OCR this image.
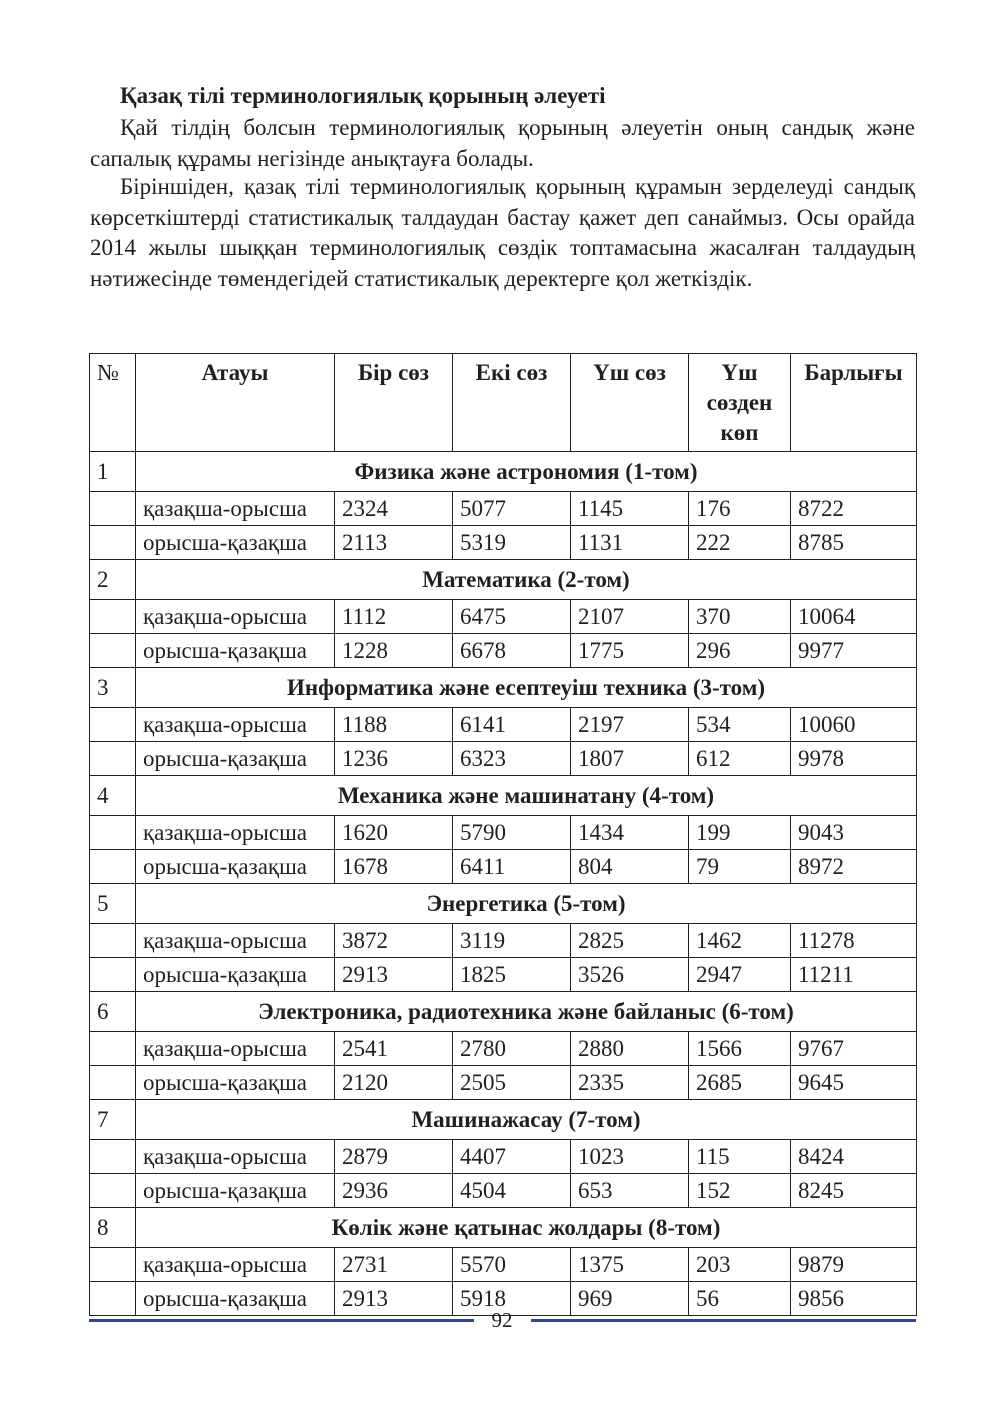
Қазақ тілі терминологиялық қорының әлеуеті

Қай тілдің болсын терминологиялық қорының әлеуетін оның сандық және сапалық құрамы негізінде анықтауға болады.

Біріншіден, қазақ тілі терминологиялық қорының құрамын зерделеуді сандық көрсеткіштерді статистикалық талдаудан бастау қажет деп санаймыз. Осы орайда 2014 жылы шыққан терминологиялық сөздік топтамасына жасалған талдаудың нәтижесінде төмендегідей статистикалық деректерге қол жеткіздік.

№	Атауы	Бір сөз	Екі сөз	Үш сөз	Үш сөзден көп	Барлығы
1	Физика және астрономия (1-том)					
	қазақша-орысша	2324	5077	1145	176	8722
	орысша-қазақша	2113	5319	1131	222	8785
2	Математика (2-том)					
	қазақша-орысша	1112	6475	2107	370	10064
	орысша-қазақша	1228	6678	1775	296	9977
3	Информатика және есептеуіш техника (3-том)					
	қазақша-орысша	1188	6141	2197	534	10060
	орысша-қазақша	1236	6323	1807	612	9978
4	Механика және машинатану (4-том)					
	қазақша-орысша	1620	5790	1434	199	9043
	орысша-қазақша	1678	6411	804	79	8972
5	Энергетика (5-том)					
	қазақша-орысша	3872	3119	2825	1462	11278
	орысша-қазақша	2913	1825	3526	2947	11211
6	Электроника, радиотехника және байланыс (6-том)					
	қазақша-орысша	2541	2780	2880	1566	9767
	орысша-қазақша	2120	2505	2335	2685	9645
7	Машинажасау (7-том)					
	қазақша-орысша	2879	4407	1023	115	8424
	орысша-қазақша	2936	4504	653	152	8245
8	Көлік және қатынас жолдары (8-том)					
	қазақша-орысша	2731	5570	1375	203	9879
	орысша-қазақша	2913	5918	969	56	9856
92
